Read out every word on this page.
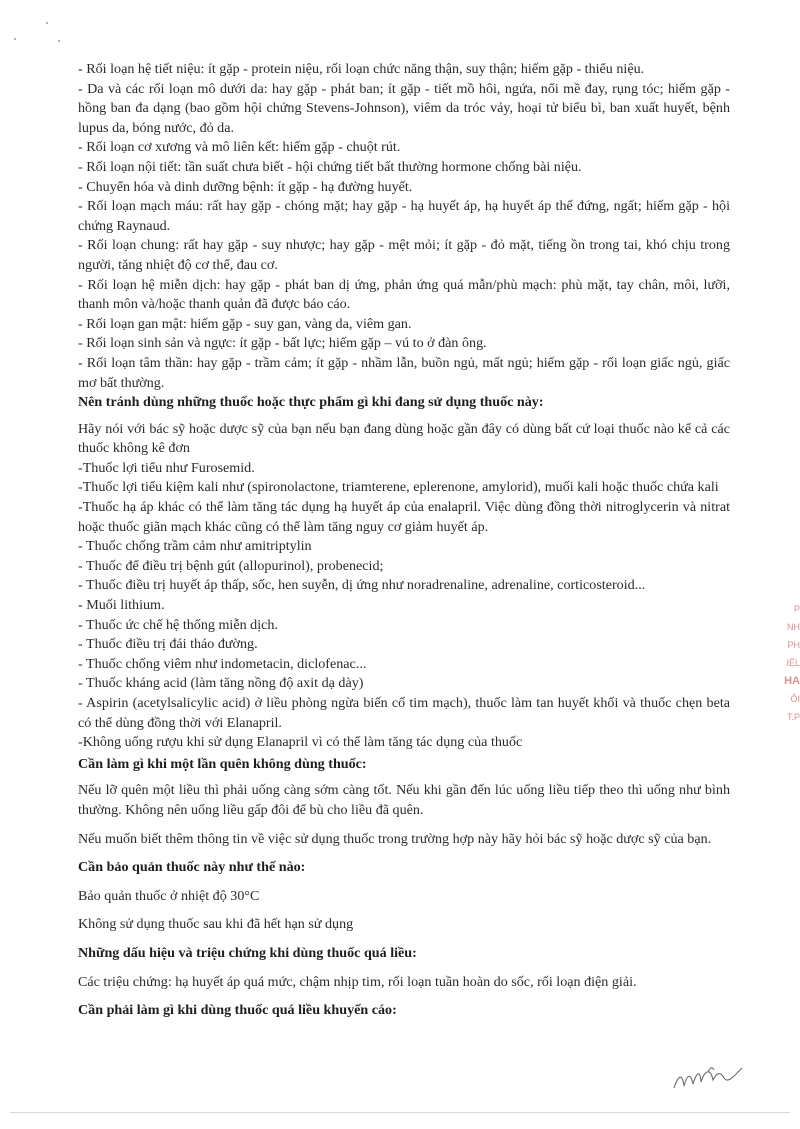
- Rối loạn hệ tiết niệu: ít gặp - protein niệu, rối loạn chức năng thận, suy thận; hiếm gặp - thiểu niệu.

- Da và các rối loạn mô dưới da: hay gặp - phát ban; ít gặp - tiết mồ hôi, ngứa, nổi mề đay, rụng tóc; hiếm gặp - hồng ban đa dạng (bao gồm hội chứng Stevens-Johnson), viêm da tróc vảy, hoại tử biểu bì, ban xuất huyết, bệnh lupus da, bóng nước, đỏ da.

- Rối loạn cơ xương và mô liên kết: hiếm gặp - chuột rút.

- Rối loạn nội tiết: tần suất chưa biết - hội chứng tiết bất thường hormone chống bài niệu.

- Chuyển hóa và dinh dưỡng bệnh: ít gặp - hạ đường huyết.

- Rối loạn mạch máu: rất hay gặp - chóng mặt; hay gặp - hạ huyết áp, hạ huyết áp thế đứng, ngất; hiếm gặp - hội chứng Raynaud.

- Rối loạn chung: rất hay gặp - suy nhược; hay gặp - mệt mỏi; ít gặp - đỏ mặt, tiếng ồn trong tai, khó chịu trong người, tăng nhiệt độ cơ thể, đau cơ.

- Rối loạn hệ miễn dịch: hay gặp - phát ban dị ứng, phản ứng quá mẫn/phù mạch: phù mặt, tay chân, môi, lưỡi, thanh môn và/hoặc thanh quản đã được báo cáo.

- Rối loạn gan mật: hiếm gặp - suy gan, vàng da, viêm gan.

- Rối loạn sinh sản và ngực: ít gặp - bất lực; hiếm gặp – vú to ở đàn ông.

- Rối loạn tâm thần: hay gặp - trầm cảm; ít gặp - nhầm lẫn, buồn ngủ, mất ngủ; hiếm gặp - rối loạn giấc ngủ, giấc mơ bất thường.

Nên tránh dùng những thuốc hoặc thực phẩm gì khi đang sử dụng thuốc này:

Hãy nói với bác sỹ hoặc dược sỹ của bạn nếu bạn đang dùng hoặc gần đây có dùng bất cứ loại thuốc nào kể cả các thuốc không kê đơn

-Thuốc lợi tiểu như Furosemid.

-Thuốc lợi tiểu kiệm kali như (spironolactone, triamterene, eplerenone, amylorid), muối kali hoặc thuốc chứa kali

-Thuốc hạ áp khác có thể làm tăng tác dụng hạ huyết áp của enalapril. Việc dùng đồng thời nitroglycerin và nitrat hoặc thuốc giãn mạch khác cũng có thể làm tăng nguy cơ giảm huyết áp.

- Thuốc chống trầm cảm như amitriptylin

- Thuốc để điều trị bệnh gút (allopurinol), probenecid;

- Thuốc điều trị huyết áp thấp, sốc, hen suyễn, dị ứng như noradrenaline, adrenaline, corticosteroid...

- Muối lithium.

- Thuốc ức chế hệ thống miễn dịch.

- Thuốc điều trị đái tháo đường.

- Thuốc chống viêm như indometacin, diclofenac...

- Thuốc kháng acid (làm tăng nồng độ axit dạ dày)

- Aspirin (acetylsalicylic acid) ở liều phòng ngừa biến cố tim mạch), thuốc làm tan huyết khối và thuốc chẹn beta có thể dùng đồng thời với Elanapril.

-Không uống rượu khi sử dụng Elanapril vì có thể làm tăng tác dụng của thuốc

Cần làm gì khi một lần quên không dùng thuốc:

Nếu lỡ quên một liều thì phải uống càng sớm càng tốt. Nếu khi gần đến lúc uống liều tiếp theo thì uống như bình thường. Không nên uống liều gấp đôi để bù cho liều đã quên.

Nếu muốn biết thêm thông tin về việc sử dụng thuốc trong trường hợp này hãy hỏi bác sỹ hoặc dược sỹ của bạn.

Cần bảo quản thuốc này như thế nào:

Bảo quản thuốc ở nhiệt độ 30°C

Không sử dụng thuốc sau khi đã hết hạn sử dụng

Những dấu hiệu và triệu chứng khi dùng thuốc quá liều:

Các triệu chứng: hạ huyết áp quá mức, chậm nhịp tim, rối loạn tuần hoàn do sốc, rối loạn điện giải.

Cần phải làm gì khi dùng thuốc quá liều khuyến cáo:

P
NH
PH
IỆL
HA
ỐI
T.P
